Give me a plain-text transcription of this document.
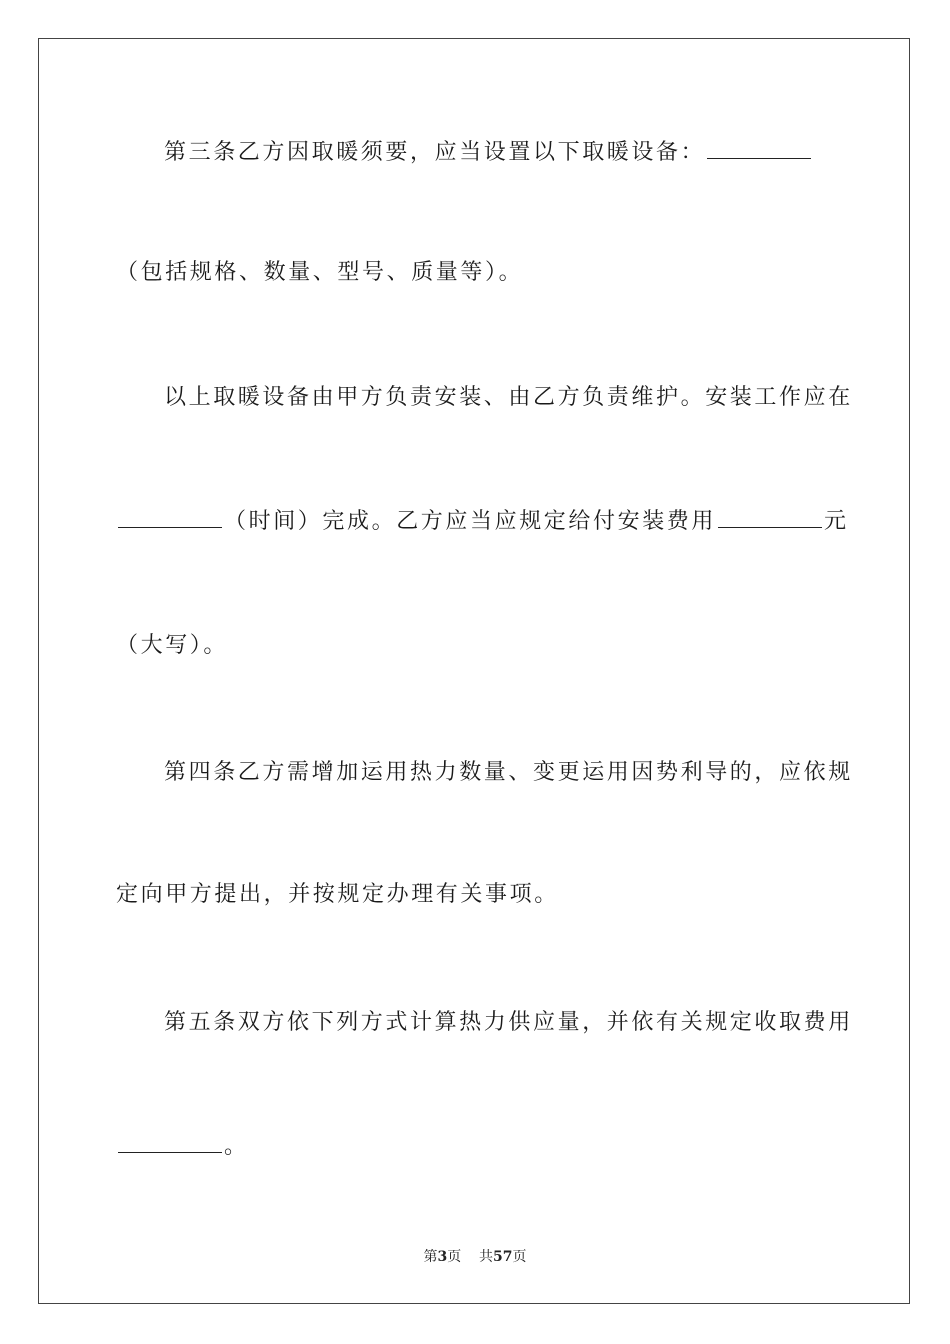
第三条乙方因取暖须要，应当设置以下取暖设备：
（包括规格、数量、型号、质量等）。
以上取暖设备由甲方负责安装、由乙方负责维护。安装工作应在
（时间）完成。乙方应当应规定给付安装费用	元
（大写）。
第四条乙方需增加运用热力数量、变更运用因势利导的，应依规
定向甲方提出，并按规定办理有关事项。
第五条双方依下列方式计算热力供应量，并依有关规定收取费用
。
第3页 共57页
